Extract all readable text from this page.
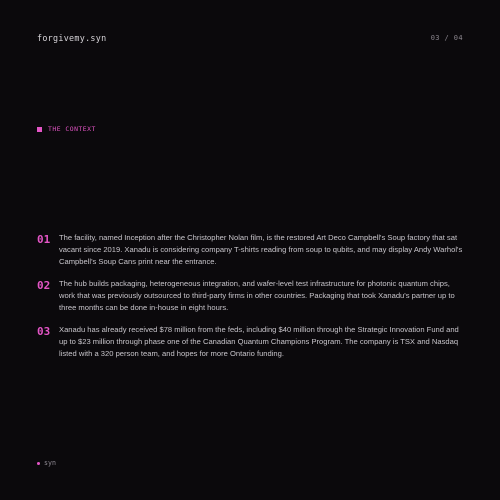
forgivemy.syn	03 / 04
THE CONTEXT
01	The facility, named Inception after the Christopher Nolan film, is the restored Art Deco Campbell's Soup factory that sat vacant since 2019. Xanadu is considering company T-shirts reading from soup to qubits, and may display Andy Warhol's Campbell's Soup Cans print near the entrance.
02	The hub builds packaging, heterogeneous integration, and wafer-level test infrastructure for photonic quantum chips, work that was previously outsourced to third-party firms in other countries. Packaging that took Xanadu's partner up to three months can be done in-house in eight hours.
03	Xanadu has already received $78 million from the feds, including $40 million through the Strategic Innovation Fund and up to $23 million through phase one of the Canadian Quantum Champions Program. The company is TSX and Nasdaq listed with a 320 person team, and hopes for more Ontario funding.
syn
